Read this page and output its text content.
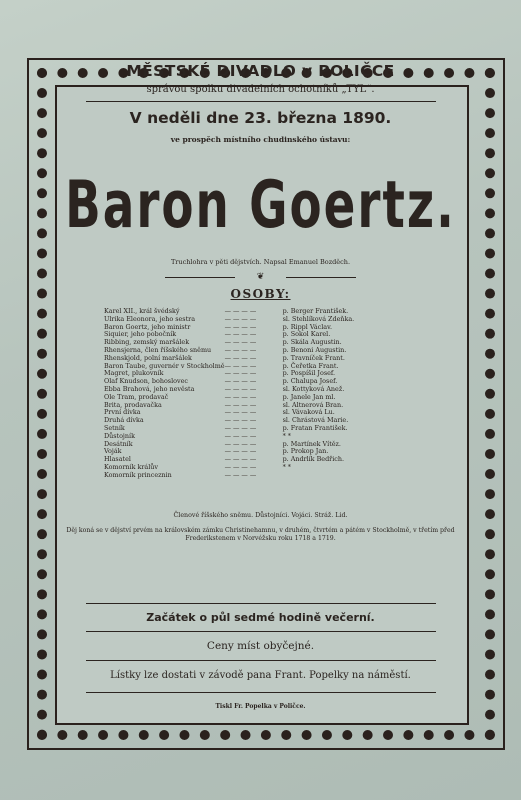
MĚSTSKÉ DIVADLO v POLIČCE
správou spolku divadelních ochotníků „TYL“.
V neděli dne 23. března 1890.
ve prospěch místního chudinského ústavu:
Baron Goertz.
Truchlohra v pěti dějstvích. Napsal Emanuel Bozděch.
❦
OSOBY:
Karel XII., král švédský	— — — —	p. Berger František.
Ulrika Eleonora, jeho sestra	— — — —	sl. Stehlíková Zdeňka.
Baron Goertz, jeho ministr	— — — —	p. Rippl Václav.
Siquier, jeho pobočník	— — — —	p. Sokol Karel.
Ribbing, zemský maršálek	— — — —	p. Skála Augustin.
Rhensjerna, člen říšského sněmu	— — — —	p. Benoni Augustin.
Rhenskjold, polní maršálek	— — — —	p. Travníček Frant.
Baron Taube, guvernér v Stockholmě	— — — —	p. Čeřetka Frant.
Magret, plukovník	— — — —	p. Pospíšil Josef.
Olaf Knudson, bohoslovec	— — — —	p. Chalupa Josef.
Ebba Brahová, jeho nevěsta	— — — —	sl. Kottyková Anež.
Ole Tram, prodavač	— — — —	p. Janele Jan ml.
Brita, prodavačka	— — — —	sl. Altnerová Bran.
První dívka	— — — —	sl. Vávaková Lu.
Druhá dívka	— — — —	sl. Chrástová Marie.
Setník	— — — —	p. Fratan František.
Důstojník	— — — —	* *
Desátník	— — — —	p. Martínek Vítěz.
Voják	— — — —	p. Prokop Jan.
Hlasatel	— — — —	p. Andrlík Bedřich.
Komorník králův	— — — —	* *
Komorník princeznin	— — — —	
Členové říšského sněmu. Důstojníci. Vojáci. Stráž. Lid.
Děj koná se v dějství prvém na královském zámku Christinehamnu, v druhém, čtvrtém a pátém v Stockholmě, v třetím před Frederikstenem v Norvéžsku roku 1718 a 1719.
Začátek o půl sedmé hodině večerní.
Ceny míst obyčejné.
Lístky lze dostati v závodě pana Frant. Popelky na náměstí.
Tiskl Fr. Popelka v Poličce.
